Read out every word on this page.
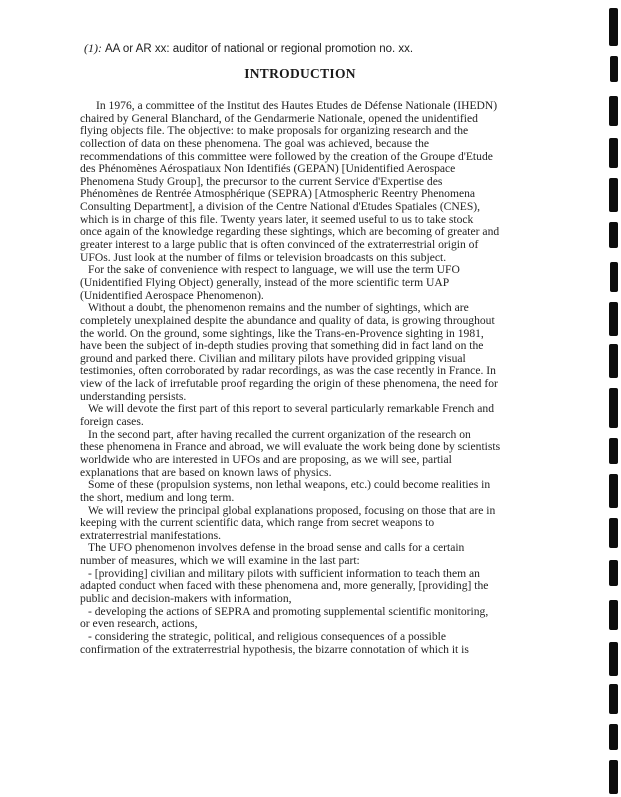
(1): AA or AR xx: auditor of national or regional promotion no. xx.
INTRODUCTION
In 1976, a committee of the Institut des Hautes Etudes de Défense Nationale (IHEDN)
chaired by General Blanchard, of the Gendarmerie Nationale, opened the unidentified
flying objects file. The objective: to make proposals for organizing research and the
collection of data on these phenomena. The goal was achieved, because the
recommendations of this committee were followed by the creation of the Groupe d'Etude
des Phénomènes Aérospatiaux Non Identifiés (GEPAN) [Unidentified Aerospace
Phenomena Study Group], the precursor to the current Service d'Expertise des
Phénomènes de Rentrée Atmosphérique (SEPRA) [Atmospheric Reentry Phenomena
Consulting Department], a division of the Centre National d'Etudes Spatiales (CNES),
which is in charge of this file. Twenty years later, it seemed useful to us to take stock
once again of the knowledge regarding these sightings, which are becoming of greater and
greater interest to a large public that is often convinced of the extraterrestrial origin of
UFOs. Just look at the number of films or television broadcasts on this subject.
For the sake of convenience with respect to language, we will use the term UFO
(Unidentified Flying Object) generally, instead of the more scientific term UAP
(Unidentified Aerospace Phenomenon).
Without a doubt, the phenomenon remains and the number of sightings, which are
completely unexplained despite the abundance and quality of data, is growing throughout
the world. On the ground, some sightings, like the Trans-en-Provence sighting in 1981,
have been the subject of in-depth studies proving that something did in fact land on the
ground and parked there. Civilian and military pilots have provided gripping visual
testimonies, often corroborated by radar recordings, as was the case recently in France. In
view of the lack of irrefutable proof regarding the origin of these phenomena, the need for
understanding persists.
We will devote the first part of this report to several particularly remarkable French and
foreign cases.
In the second part, after having recalled the current organization of the research on
these phenomena in France and abroad, we will evaluate the work being done by scientists
worldwide who are interested in UFOs and are proposing, as we will see, partial
explanations that are based on known laws of physics.
Some of these (propulsion systems, non lethal weapons, etc.) could become realities in
the short, medium and long term.
We will review the principal global explanations proposed, focusing on those that are in
keeping with the current scientific data, which range from secret weapons to
extraterrestrial manifestations.
The UFO phenomenon involves defense in the broad sense and calls for a certain
number of measures, which we will examine in the last part:
- [providing] civilian and military pilots with sufficient information to teach them an
adapted conduct when faced with these phenomena and, more generally, [providing] the
public and decision-makers with information,
- developing the actions of SEPRA and promoting supplemental scientific monitoring,
or even research, actions,
- considering the strategic, political, and religious consequences of a possible
confirmation of the extraterrestrial hypothesis, the bizarre connotation of which it is
